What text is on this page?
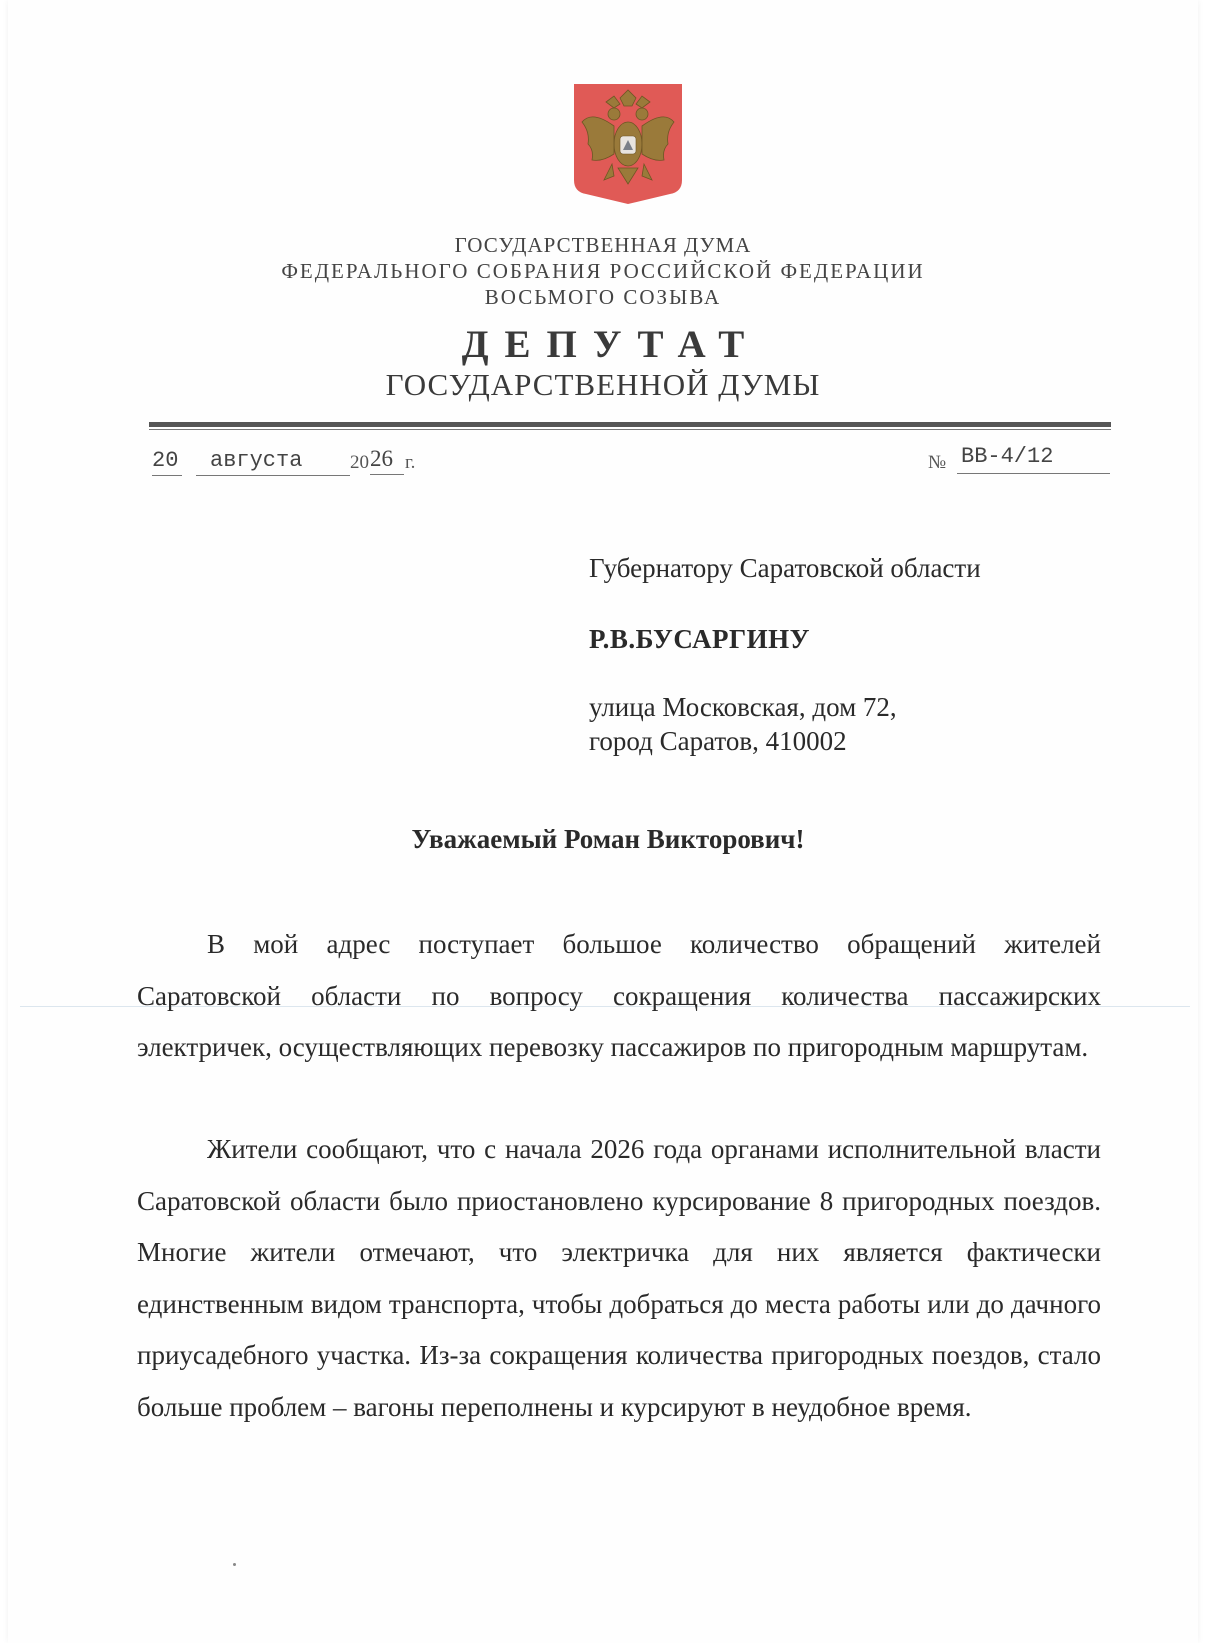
ГОСУДАРСТВЕННАЯ ДУМА
ФЕДЕРАЛЬНОГО СОБРАНИЯ РОССИЙСКОЙ ФЕДЕРАЦИИ
ВОСЬМОГО СОЗЫВА
ДЕПУТАТ
ГОСУДАРСТВЕННОЙ ДУМЫ
20	августа	20 26 г.	№ ВВ-4/12
Губернатору Саратовской области
Р.В.БУСАРГИНУ
улица Московская, дом 72,
город Саратов, 410002
Уважаемый Роман Викторович!
В мой адрес поступает большое количество обращений жителей Саратовской области по вопросу сокращения количества пассажирских электричек, осуществляющих перевозку пассажиров по пригородным маршрутам.
Жители сообщают, что с начала 2026 года органами исполнительной власти Саратовской области было приостановлено курсирование 8 пригородных поездов. Многие жители отмечают, что электричка для них является фактически единственным видом транспорта, чтобы добраться до места работы или до дачного приусадебного участка. Из-за сокращения количества пригородных поездов, стало больше проблем – вагоны переполнены и курсируют в неудобное время.
